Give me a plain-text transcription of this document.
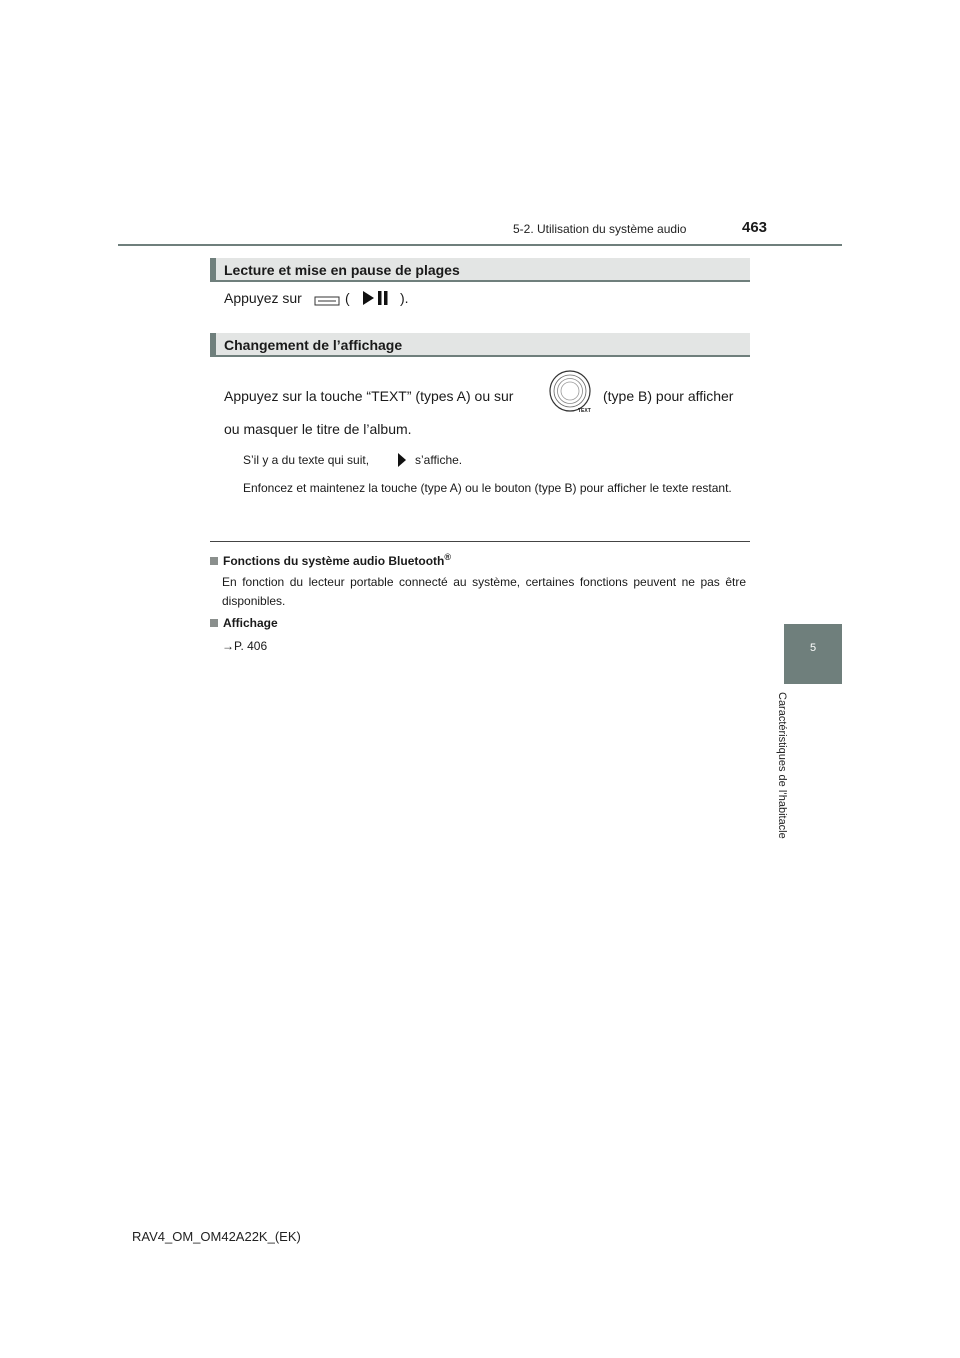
5-2. Utilisation du système audio	463
5
Caractéristiques de l’habitacle
Lecture et mise en pause de plages
Appuyez sur	(	).
Changement de l’affichage
Appuyez sur la touche “TEXT” (types A) ou sur
TEXT
(type B) pour afficher
ou masquer le titre de l’album.
S’il y a du texte qui suit,	s’affiche.
Enfoncez et maintenez la touche (type A) ou le bouton (type B) pour afficher le texte restant.
Fonctions du système audio Bluetooth®
En fonction du lecteur portable connecté au système, certaines fonctions peuvent ne pas être disponibles.
Affichage
→P. 406
RAV4_OM_OM42A22K_(EK)
